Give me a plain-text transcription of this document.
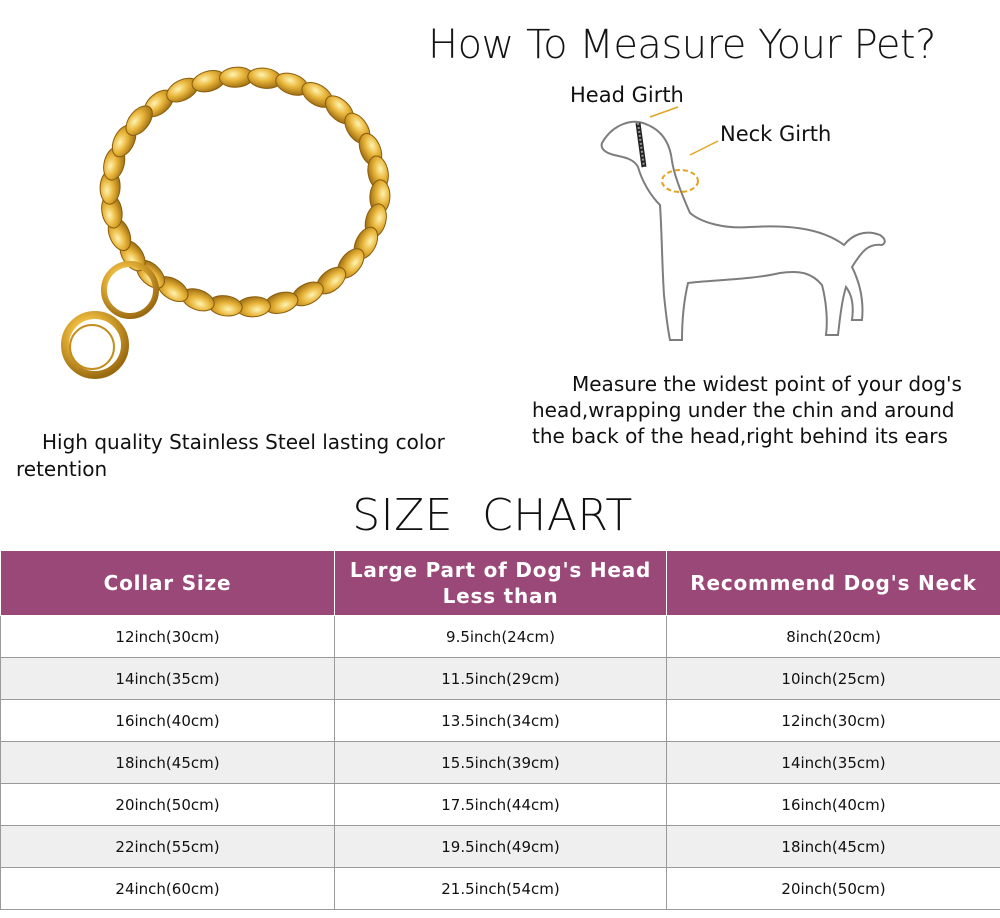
How To Measure Your Pet?
Head Girth
Neck Girth
Measure the widest point of your dog's head,wrapping under the chin and around the back of the head,right behind its ears
High quality Stainless Steel lasting color retention
SIZE  CHART
Collar Size	Large Part of Dog's Head Less than	Recommend Dog's Neck
12inch(30cm)	9.5inch(24cm)	8inch(20cm)
14inch(35cm)	11.5inch(29cm)	10inch(25cm)
16inch(40cm)	13.5inch(34cm)	12inch(30cm)
18inch(45cm)	15.5inch(39cm)	14inch(35cm)
20inch(50cm)	17.5inch(44cm)	16inch(40cm)
22inch(55cm)	19.5inch(49cm)	18inch(45cm)
24inch(60cm)	21.5inch(54cm)	20inch(50cm)
